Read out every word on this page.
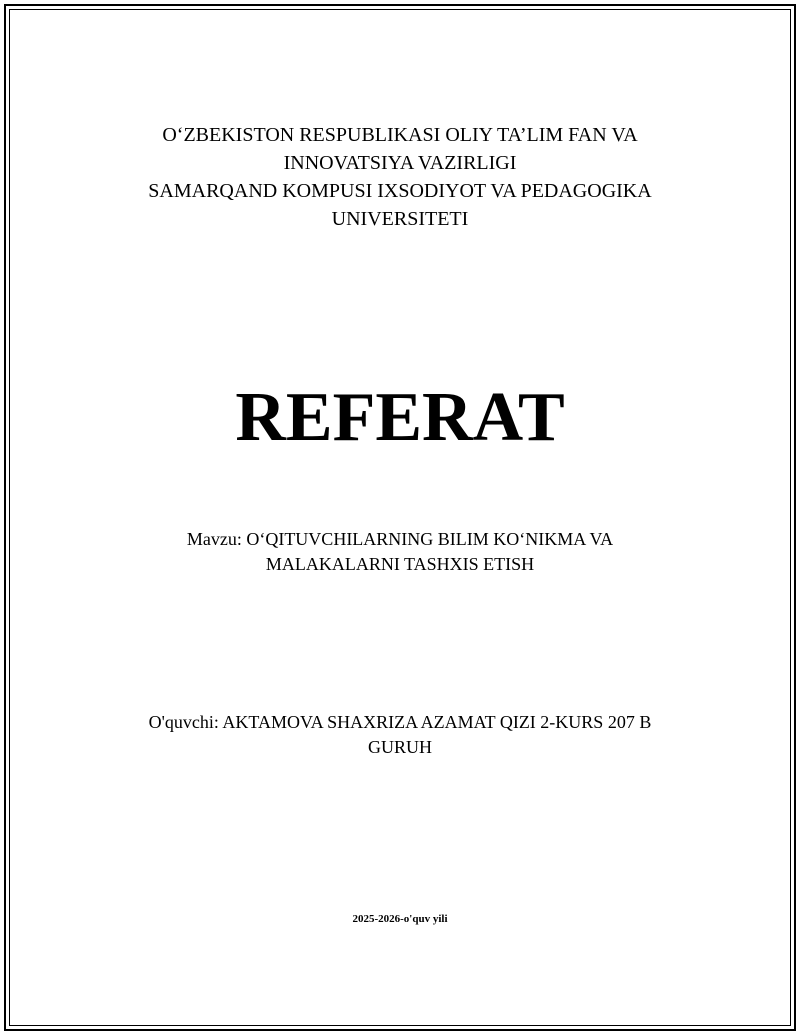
O‘ZBEKISTON RESPUBLIKASI OLIY TA’LIM FAN VA
INNOVATSIYA VAZIRLIGI
SAMARQAND KOMPUSI IXSODIYOT VA PEDAGOGIKA
UNIVERSITETI
REFERAT
Mavzu: O‘QITUVCHILARNING BILIM KO‘NIKMA VA MALAKALARNI TASHXIS ETISH
O'quvchi: AKTAMOVA SHAXRIZA AZAMAT QIZI 2-KURS 207 B GURUH
2025-2026-o'quv yili
